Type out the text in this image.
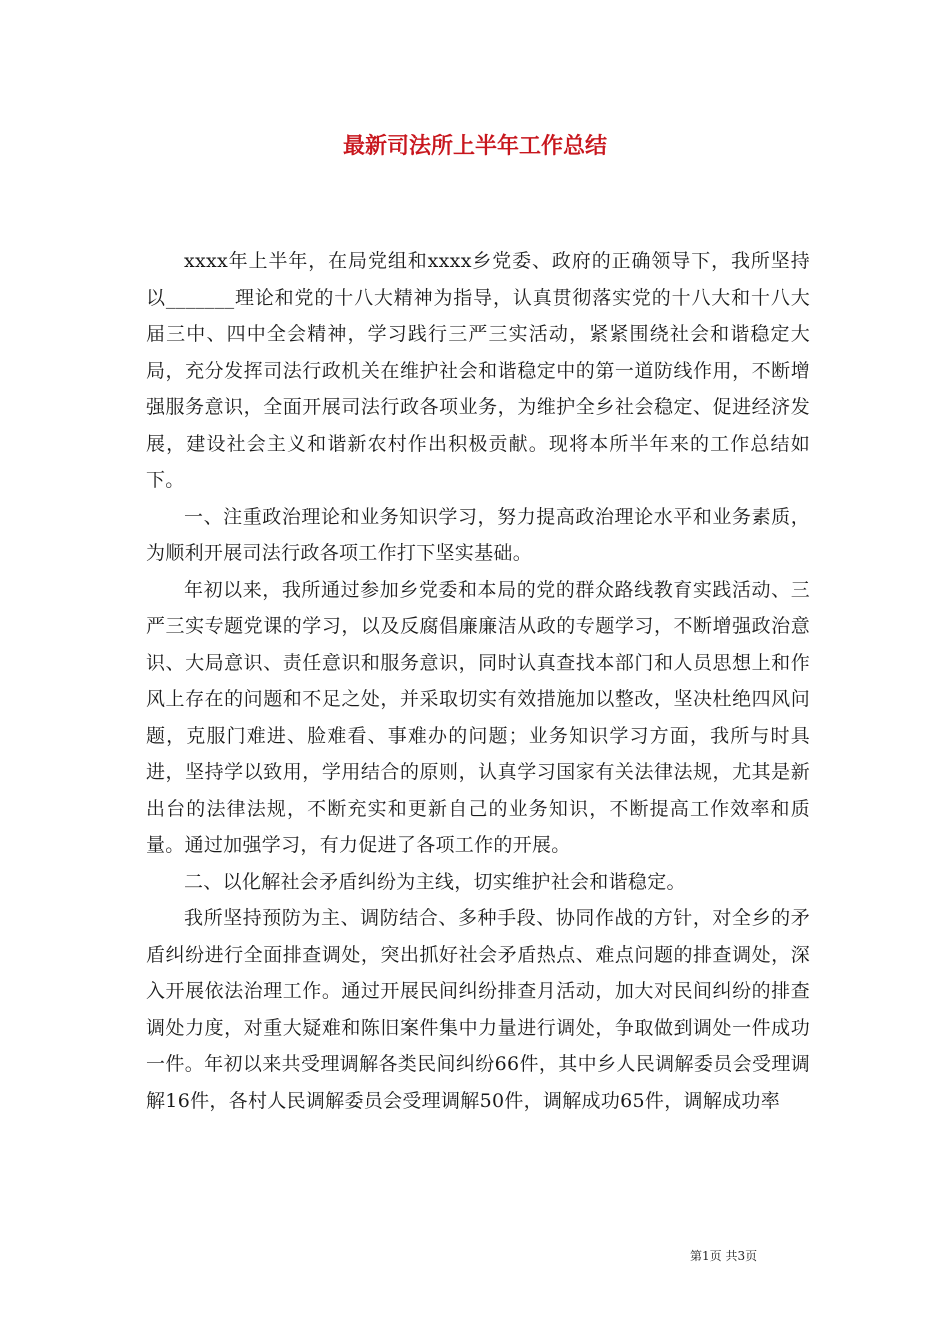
最新司法所上半年工作总结

xxxx年上半年，在局党组和xxxx乡党委、政府的正确领导下，我所坚持以_______理论和党的十八大精神为指导，认真贯彻落实党的十八大和十八大届三中、四中全会精神，学习践行三严三实活动，紧紧围绕社会和谐稳定大局，充分发挥司法行政机关在维护社会和谐稳定中的第一道防线作用，不断增强服务意识，全面开展司法行政各项业务，为维护全乡社会稳定、促进经济发展，建设社会主义和谐新农村作出积极贡献。现将本所半年来的工作总结如下。

一、注重政治理论和业务知识学习，努力提高政治理论水平和业务素质，为顺利开展司法行政各项工作打下坚实基础。

年初以来，我所通过参加乡党委和本局的党的群众路线教育实践活动、三严三实专题党课的学习，以及反腐倡廉廉洁从政的专题学习，不断增强政治意识、大局意识、责任意识和服务意识，同时认真查找本部门和人员思想上和作风上存在的问题和不足之处，并采取切实有效措施加以整改，坚决杜绝四风问题，克服门难进、脸难看、事难办的问题；业务知识学习方面，我所与时具进，坚持学以致用，学用结合的原则，认真学习国家有关法律法规，尤其是新出台的法律法规，不断充实和更新自己的业务知识，不断提高工作效率和质量。通过加强学习，有力促进了各项工作的开展。

二、以化解社会矛盾纠纷为主线，切实维护社会和谐稳定。

我所坚持预防为主、调防结合、多种手段、协同作战的方针，对全乡的矛盾纠纷进行全面排查调处，突出抓好社会矛盾热点、难点问题的排查调处，深入开展依法治理工作。通过开展民间纠纷排查月活动，加大对民间纠纷的排查调处力度，对重大疑难和陈旧案件集中力量进行调处，争取做到调处一件成功一件。年初以来共受理调解各类民间纠纷66件，其中乡人民调解委员会受理调解16件，各村人民调解委员会受理调解50件，调解成功65件，调解成功率

第1页 共3页
